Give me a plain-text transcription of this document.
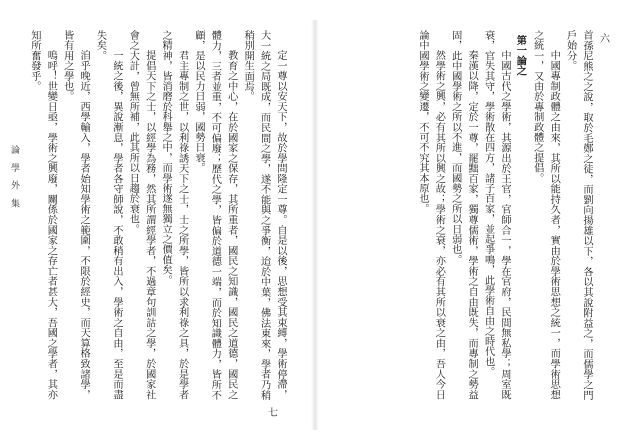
論 學 外 集	定一尊以安天下，故於學問隆定一尊。自是以後，思想受其束縛，學術停滯，大一統之局既成，而民間之學，遂不能與之爭衡，迨於中葉，佛法東來，學者乃稍稍別開生面焉。

教育之中心，在於國家之保存，其所重者，國民之知識，國民之道德，國民之體力，三者並重，不可偏廢；歷代之學，皆偏於道德一端，而於知識體力，皆所不顧，是以民力日弱，國勢日衰。

君主專制之世，以利祿誘天下之士，士之所學，皆所以求利祿之具，於是學者之精神，皆消磨於科舉之中，而學術遂無獨立之價值矣。

提倡天下之士，以經學為務，然其所謂經學者，不過章句訓詁之學，於國家社會之大計，曾無所補，此其所以日趨於衰也。

一統之後，異說漸息，學者各守師說，不敢稍有出入，學術之自由，至是而盡失矣。

洎乎晚近，西學輸入，學者始知學術之範圍，不限於經史，而天算格致諸學，皆有用之學也。

嗚呼！世變日亟，學術之興廢，關係於國家之存亡者甚大，吾國之學者，其亦知所奮發乎。

七

首孫尼熊之之說，取於毛鄭之徒，而劉向揚雄以下，各以其說附益之，而儒學之門戶始分。

中國專制政體之由來，其所以能持久者，實由於學術思想之統一，而學術思想之統一，又由於專制政體之提倡。

第一論之

中國古代之學術，其源出於王官，官師合一，學在官府，民間無私學；周室既衰，官失其守，學術散在四方，諸子百家，並起爭鳴，此學術自由之時代也。

秦漢以降，定於一尊，罷黜百家，獨尊儒術，學術之自由既失，而專制之勢益固，此中國學術之所以不進，而國勢之所以日弱也。

然學術之興，必有其所以興之故；學術之衰，亦必有其所以衰之由，吾人今日論中國學術之變遷，不可不究其本原也。	六
